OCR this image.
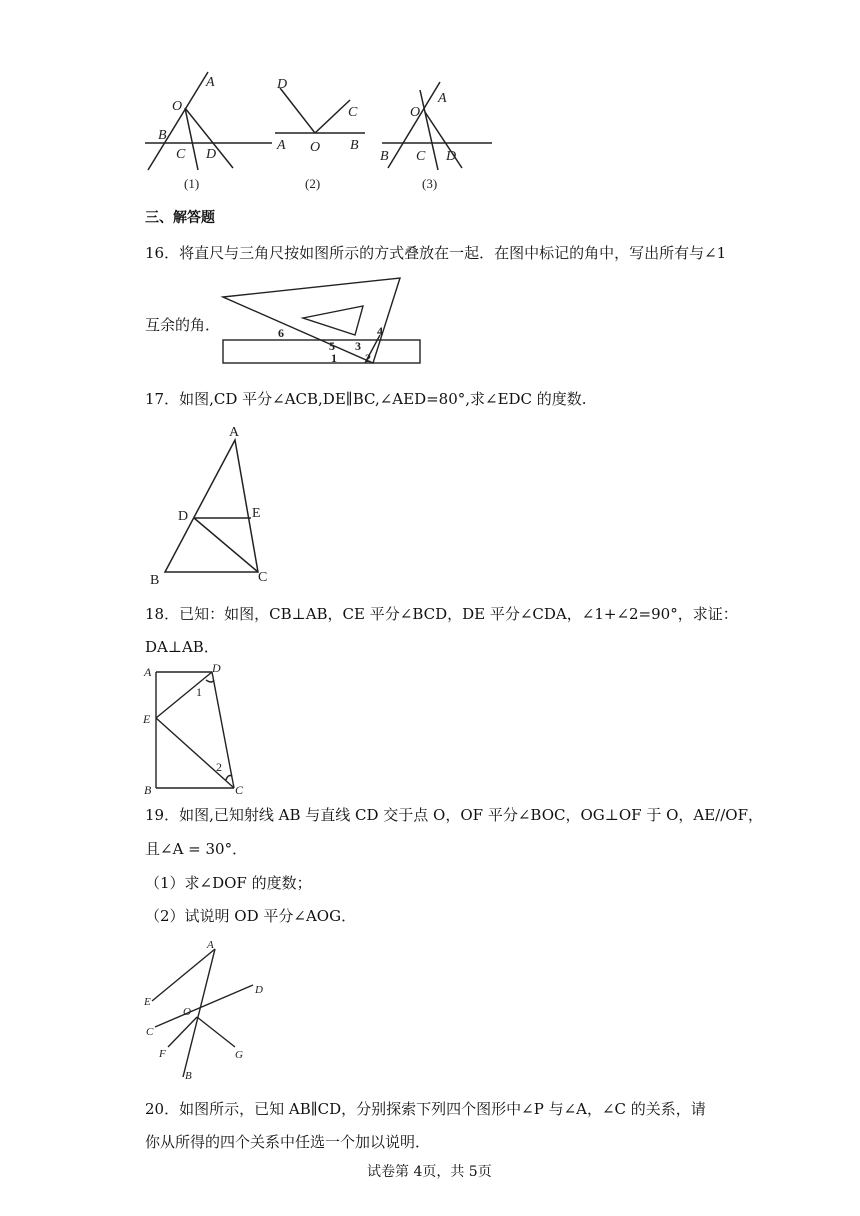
A
O
B
C D
(1)
D
C
A O B
(2)
O
A
B C D
(3)
三、解答题
16．将直尺与三角尺按如图所示的方式叠放在一起．在图中标记的角中，写出所有与∠1
互余的角．	6
5 3
4
1 2
17．如图,CD 平分∠ACB,DE∥BC,∠AED=80°,求∠EDC 的度数.
A
D	E
B	C
18．已知：如图，CB⊥AB，CE 平分∠BCD，DE 平分∠CDA，∠1+∠2=90°，求证：
DA⊥AB．
A	D
1
E
2
B	C
19．如图,已知射线 AB 与直线 CD 交于点 O，OF 平分∠BOC，OG⊥OF 于 O，AE//OF，
且∠A = 30°．
（1）求∠DOF 的度数；
（2）试说明 OD 平分∠AOG．
A
E
D
O
C
F	G
B
20．如图所示，已知 AB∥CD，分别探索下列四个图形中∠P 与∠A，∠C 的关系，请
你从所得的四个关系中任选一个加以说明．
试卷第 4页，共 5页
